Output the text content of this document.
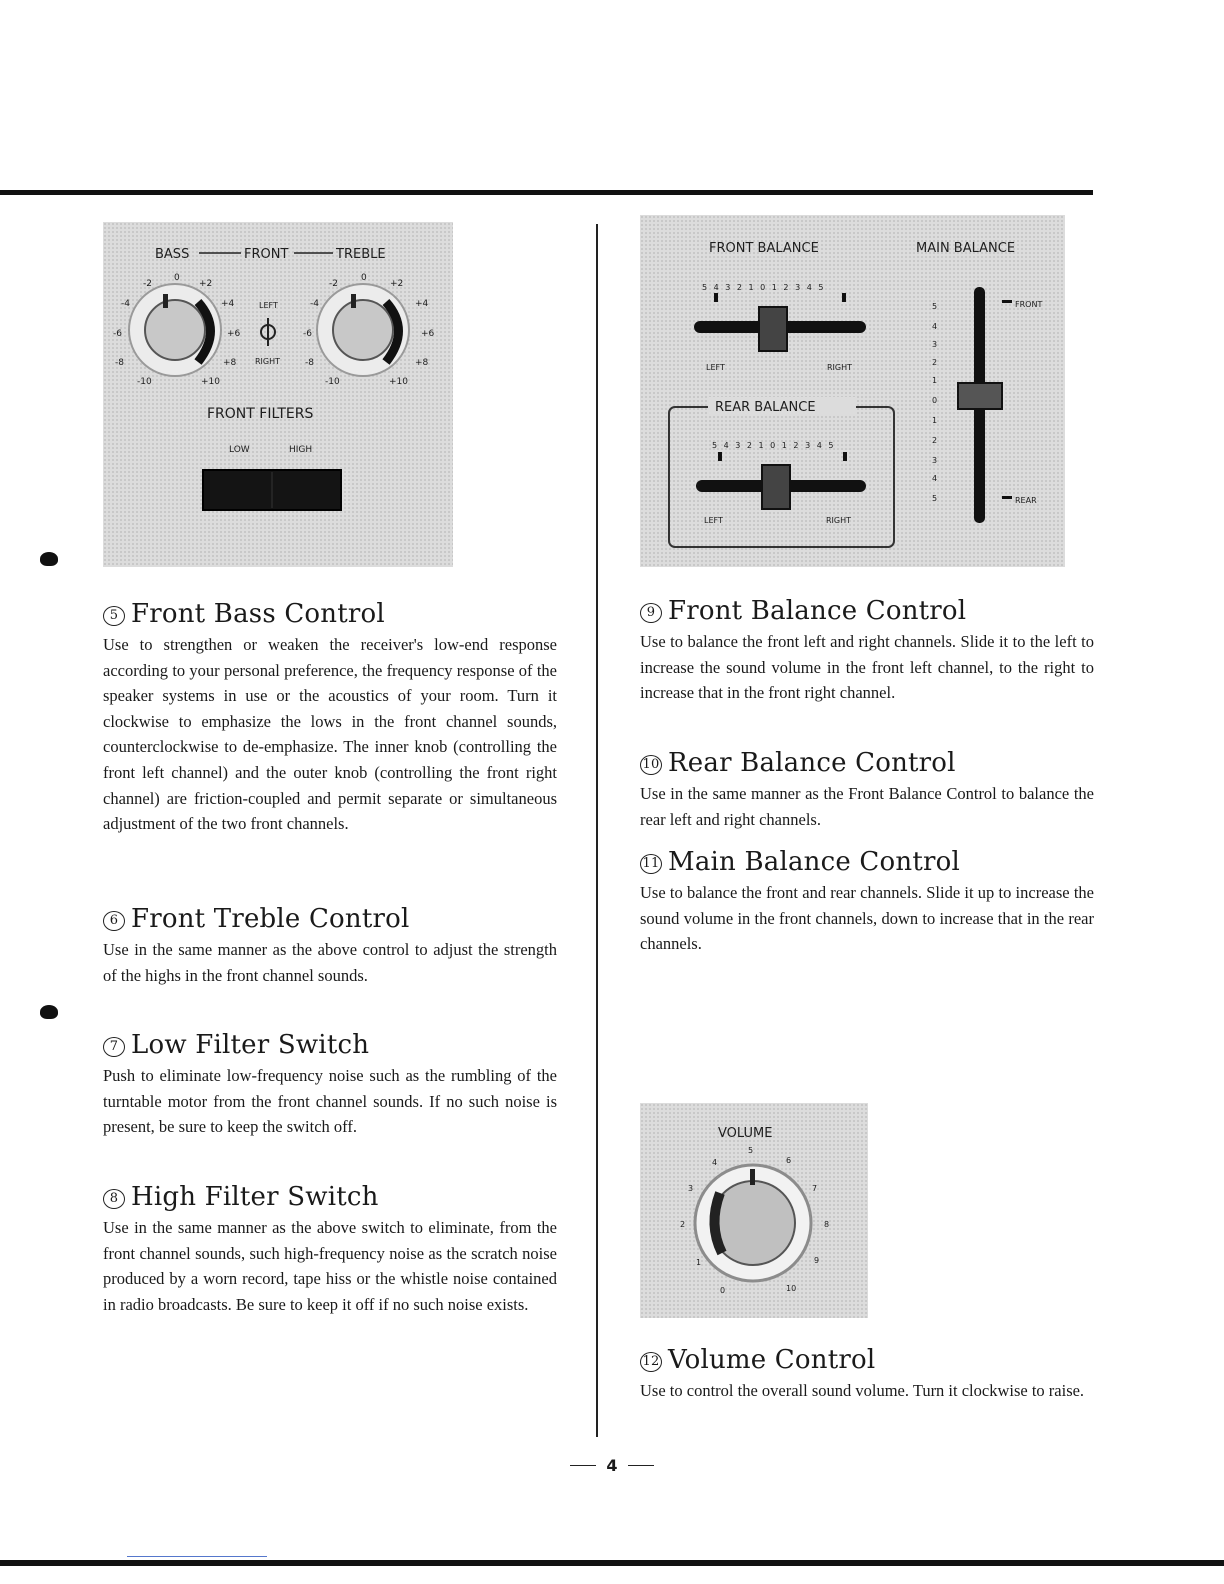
BASS	FRONT	TREBLE
-2
0
+2
-4	+4
-6	+6
-8	+8
-10	+10
LEFT
RIGHT
-2
0
+2
-4	+4
-6	+6
-8	+8
-10	+10
FRONT FILTERS
LOW	HIGH
FRONT BALANCE	MAIN BALANCE
5 4 3 2 1 0 1 2 3 4 5
LEFT	RIGHT
REAR BALANCE
5 4 3 2 1 0 1 2 3 4 5
LEFT	RIGHT
5
4
3
2
1
0
1
2
3
4
5
FRONT
REAR
VOLUME
0
1
2
3
4
5
6
7
8
9
10
5 Front Bass Control

Use to strengthen or weaken the receiver's low-end response according to your personal preference, the frequency response of the speaker systems in use or the acoustics of your room. Turn it clockwise to emphasize the lows in the front channel sounds, counterclockwise to de-emphasize. The inner knob (controlling the front left channel) and the outer knob (controlling the front right channel) are friction-coupled and permit separate or simultaneous adjustment of the two front channels.

6 Front Treble Control

Use in the same manner as the above control to adjust the strength of the highs in the front channel sounds.

7 Low Filter Switch

Push to eliminate low-frequency noise such as the rumbling of the turntable motor from the front channel sounds. If no such noise is present, be sure to keep the switch off.

8 High Filter Switch

Use in the same manner as the above switch to eliminate, from the front channel sounds, such high-frequency noise as the scratch noise produced by a worn record, tape hiss or the whistle noise contained in radio broadcasts. Be sure to keep it off if no such noise exists.

9 Front Balance Control

Use to balance the front left and right channels. Slide it to the left to increase the sound volume in the front left channel, to the right to increase that in the front right channel.

10 Rear Balance Control

Use in the same manner as the Front Balance Control to balance the rear left and right channels.

11 Main Balance Control

Use to balance the front and rear channels. Slide it up to increase the sound volume in the front channels, down to increase that in the rear channels.

12 Volume Control

Use to control the overall sound volume. Turn it clockwise to raise.

4
